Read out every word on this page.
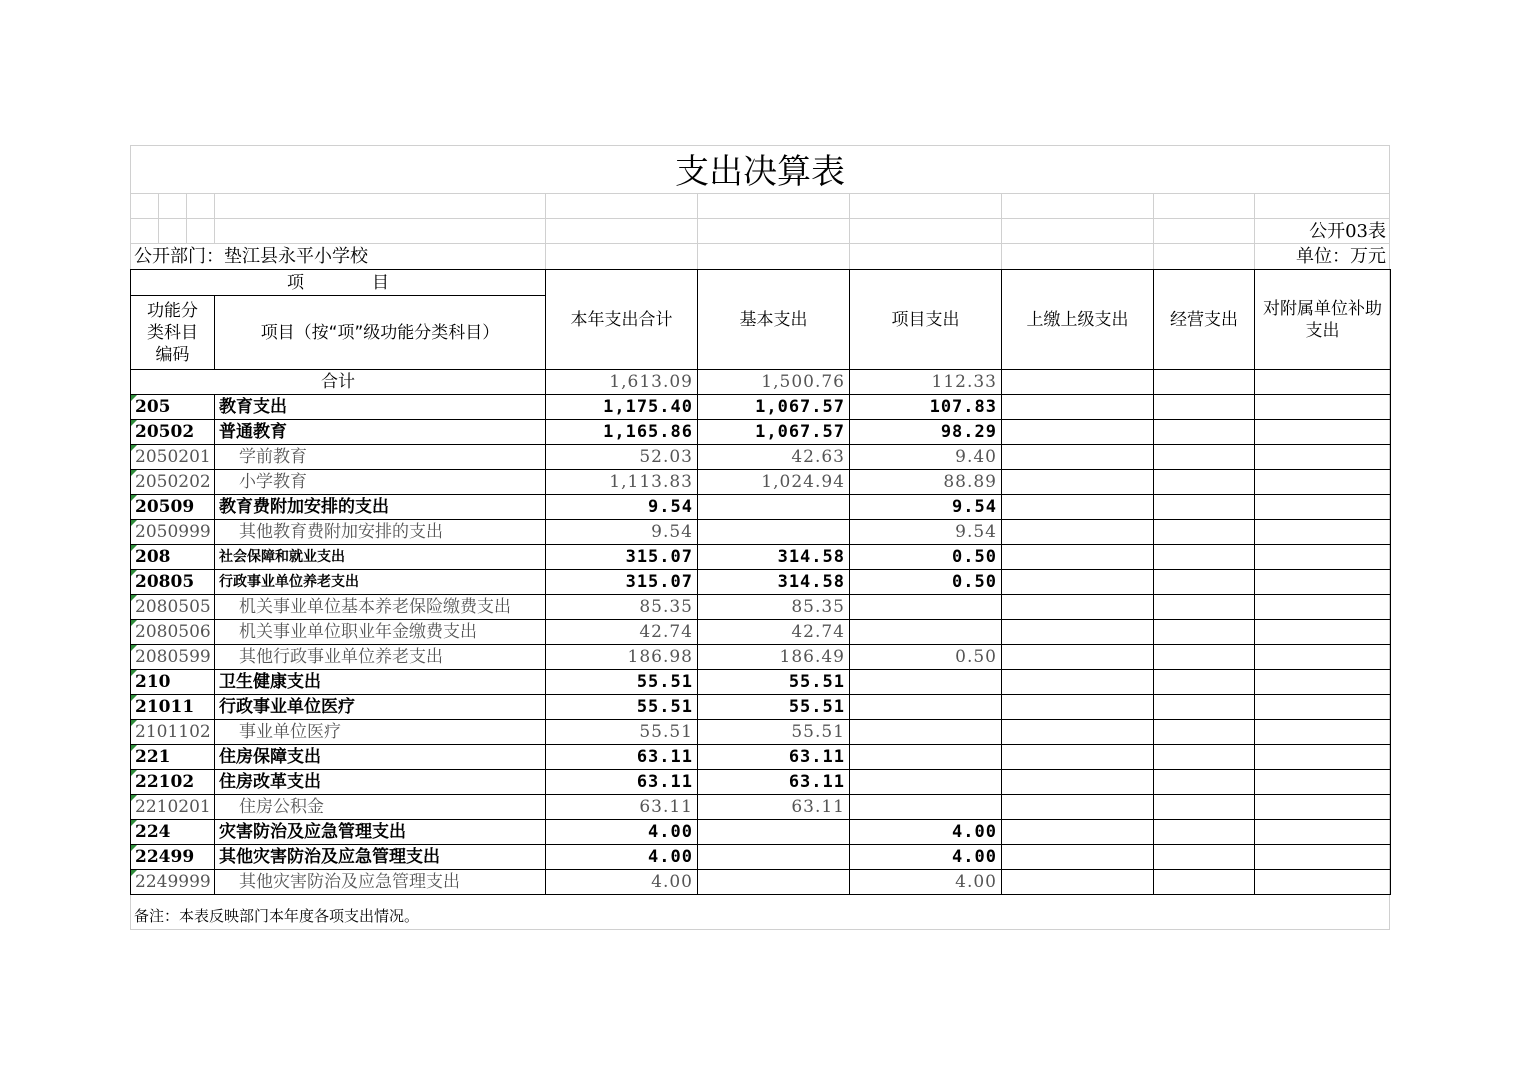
支出决算表
公开03表
公开部门：垫江县永平小学校	单位：万元
项　　　　目		本年支出合计	基本支出	项目支出	上缴上级支出	经营支出	对附属单位补助支出
功能分类科目编码	项目（按“项”级功能分类科目）						
合计		1,613.09	1,500.76	112.33			
205	教育支出	1,175.40	1,067.57	107.83			
20502	普通教育	1,165.86	1,067.57	98.29			
2050201	学前教育	52.03	42.63	9.40			
2050202	小学教育	1,113.83	1,024.94	88.89			
20509	教育费附加安排的支出	9.54		9.54			
2050999	其他教育费附加安排的支出	9.54		9.54			
208	社会保障和就业支出	315.07	314.58	0.50			
20805	行政事业单位养老支出	315.07	314.58	0.50			
2080505	机关事业单位基本养老保险缴费支出	85.35	85.35				
2080506	机关事业单位职业年金缴费支出	42.74	42.74				
2080599	其他行政事业单位养老支出	186.98	186.49	0.50			
210	卫生健康支出	55.51	55.51				
21011	行政事业单位医疗	55.51	55.51				
2101102	事业单位医疗	55.51	55.51				
221	住房保障支出	63.11	63.11				
22102	住房改革支出	63.11	63.11				
2210201	住房公积金	63.11	63.11				
224	灾害防治及应急管理支出	4.00		4.00			
22499	其他灾害防治及应急管理支出	4.00		4.00			
2249999	其他灾害防治及应急管理支出	4.00		4.00			
备注：本表反映部门本年度各项支出情况。
